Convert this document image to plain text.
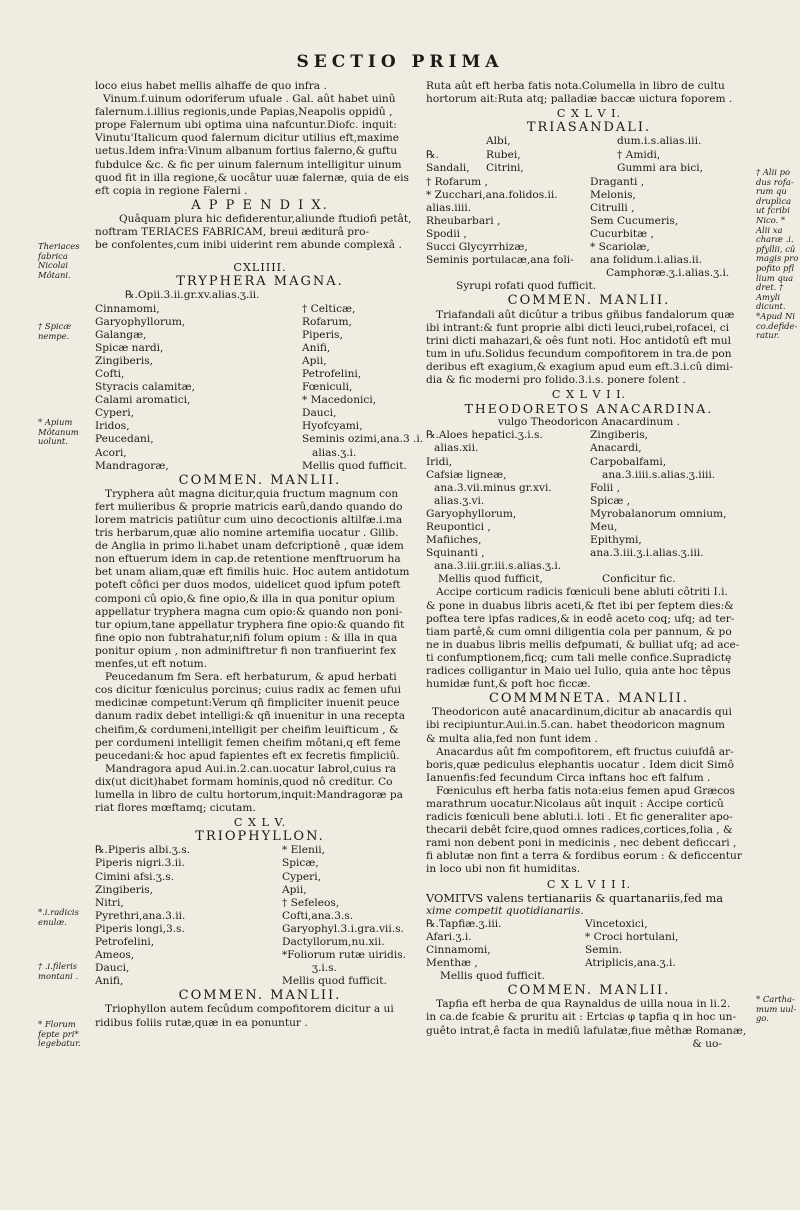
SECTIO PRIMA
loco eius habet mellis alhaffe de quo infra .
Vinum.f.uinum odoriferum ufuale . Gal. aût habet uinû
falernum.i.illius regionis,unde Papias,Neapolis oppidû ,
prope Falernum ubi optima uina nafcuntur.Diofc. inquit:
Vinutu'Italicum quod falernum dicitur utilius eft,maxime
uetus.Idem infra:Vinum albanum fortius falerno,& guftu
fubdulce &c. & fic per uinum falernum intelligitur uinum
quod fit in illa regione,& uocâtur uuæ falernæ, quia de eis
eft copia in regione Falerni .
A P P E N D I X.
Quâquam plura hic defiderentur,aliunde ftudiofi petât,
noftram TERIACES FABRICAM, breui æditurâ pro-
be confolentes,cum inibi uiderint rem abunde complexâ .
CXLIIII.
TRYPHERA MAGNA.
℞.Opii.3.ii.gr.xv.alias.ʒ.ii.
Cinnamomi,	† Celticæ,
Garyophyllorum,	Rofarum,
Galangæ,	Piperis,
Spicæ nardi,	Anifi,
Zingiberis,	Apii,
Cofti,	Petrofelini,
Styracis calamitæ,	Fœniculi,
Calami aromatici,	* Macedonici,
Cyperi,	Dauci,
Iridos,	Hyofcyami,
Peucedani,	Seminis ozimi,ana.3 .i.
Acori,	alias.ʒ.i.
Mandragoræ,	Mellis quod fufficit.
COMMEN. MANLII.
Tryphera aût magna dicitur,quia fructum magnum con
fert mulieribus & proprie matricis earû,dando quando do
lorem matricis patiûtur cum uino decoctionis altilfæ.i.ma
tris herbarum,quæ alio nomine artemifia uocatur . Gilib.
de Anglia in primo li.habet unam defcriptionê , quæ idem
non eftuerum idem in cap.de retentione menftruorum ha
bet unam aliam,quæ eft fimilis huic. Hoc autem antidotum
poteft côfici per duos modos, uidelicet quod ipfum poteft
componi cû opio,& fine opio,& illa in qua ponitur opium
appellatur tryphera magna cum opio:& quando non poni-
tur opium,tane appellatur tryphera fine opio:& quando fit
fine opio non fubtrahatur,nifi folum opium : & illa in qua
ponitur opium , non adminiftretur fi non tranfiuerint fex
menfes,ut eft notum.
Peucedanum fm Sera. eft herbaturum, & apud herbati
cos dicitur fœniculus porcinus; cuius radix ac femen ufui
medicinæ competunt:Verum qñ fimpliciter inuenit peuce
danum radix debet intelligi:& qñ inuenitur in una recepta
cheifim,& cordumeni,intelligit per cheifim leuifticum , &
per cordumeni intelligit femen cheifim môtani,q eft feme
peucedani:& hoc apud fapientes eft ex fecretis fimpliciû.
Mandragora apud Aui.in.2.can.uocatur Iabrol,cuius ra
dix(ut dicit)habet formam hominis,quod nô creditur. Co
lumella in libro de cultu hortorum,inquit:Mandragoræ pa
riat flores mœftamq; cicutam.
C X L V.
TRIOPHYLLON.
℞.Piperis albi.ʒ.s.	* Elenii,
Piperis nigri.3.ii.	Spicæ,
Cimini afsi.ʒ.s.	Cyperi,
Zingiberis,	Apii,
Nitri,	† Sefeleos,
Pyrethri,ana.3.ii.	Cofti,ana.3.s.
Piperis longi,3.s.	Garyophyl.3.i.gra.vii.s.
Petrofelini,	Dactyllorum,nu.xii.
Ameos,	*Foliorum rutæ uiridis.
Dauci,	ʒ.i.s.
Anifi,	Mellis quod fufficit.
COMMEN. MANLII.
Triophyllon autem fecûdum compofitorem dicitur a ui
ridibus foliis rutæ,quæ in ea ponuntur .
Ruta aût eft herba fatis nota.Columella in libro de cultu
hortorum ait:Ruta atq; palladiæ baccæ uictura foporem .
C X L V I.
TRIASANDALI.
℞. Sandali,
Albi,	dum.i.s.alias.iii.
Rubei,	† Amidi,
Citrini,	Gummi ara bici,
† Rofarum ,	Draganti ,
* Zucchari,ana.folidos.ii.	Melonis,
alias.iiii.	Citrulli ,
Rheubarbari ,	Sem Cucumeris,
Spodii ,	Cucurbitæ ,
Succi Glycyrrhizæ,	* Scariolæ,
Seminis portulacæ,ana foli-	ana folidum.i.alias.ii.
Camphoræ.ʒ.i.alias.ʒ.i.
Syrupi rofati quod fufficit.
COMMEN. MANLII.
Triafandali aût dicûtur a tribus gñibus fandalorum quæ
ibi intrant:& funt proprie albi dicti leuci,rubei,rofacei, ci
trini dicti mahazari,& oês funt noti. Hoc antidotû eft mul
tum in ufu.Solidus fecundum compofitorem in tra.de pon
deribus eft exagium,& exagium apud eum eft.3.i.cû dimi-
dia & fic moderni pro folido.3.i.s. ponere folent .
C X L V I I.
THEODORETOS ANACARDINA.
vulgo Theodoricon Anacardinum .
℞.Aloes hepatici.ʒ.i.s.	Zingiberis,
alias.xii.	Anacardi,
Iridi,	Carpobalfami,
Cafsiæ ligneæ,	ana.3.iiii.s.alias.ʒ.iiii.
ana.3.vii.minus gr.xvi.	Folii ,
alias.ʒ.vi.	Spicæ ,
Garyophyllorum,	Myrobalanorum omnium,
Reupontici ,	Meu,
Mafiiches,	Epithymi,
Squinanti ,	ana.3.iii.ʒ.i.alias.ʒ.iii.
ana.3.iii.gr.iii.s.alias.ʒ.i.
Mellis quod fufficit,	Conficitur fic.
Accipe corticum radicis fœniculi bene abluti côtriti I.i.
& pone in duabus libris aceti,& ftet ibi per feptem dies:&
poftea tere ipfas radices,& in eodê aceto coq; ufq; ad ter-
tiam partê,& cum omni diligentia cola per pannum, & po
ne in duabus libris mellis defpumati, & bulliat ufq; ad ace-
ti confumptionem,ficq; cum tali melle confice.Supradictę
radices colligantur in Maio uel Iulio, quia ante hoc têpus
humidæ funt,& poft hoc ficcæ.
COMMMNETA. MANLII.
Theodoricon autê anacardinum,dicitur ab anacardis qui
ibi recipiuntur.Aui.in.5.can. habet theodoricon magnum
& multa alia,fed non funt idem .
Anacardus aût fm compofitorem, eft fructus cuiufdâ ar-
boris,quæ pediculus elephantis uocatur . Idem dicit Simô
Ianuenfis:fed fecundum Circa inftans hoc eft falfum .
Fœniculus eft herba fatis nota:eius femen apud Græcos
marathrum uocatur.Nicolaus aût inquit : Accipe corticû
radicis fœniculi bene abluti.i. loti . Et fic generaliter apo-
thecarii debêt fcire,quod omnes radices,cortices,folia , &
rami non debent poni in medicinis , nec debent deficcari ,
fi ablutæ non fint a terra & fordibus eorum : & deficcentur
in loco ubi non fit humiditas.
C X L V I I I.
VOMITVS valens tertianariis & quartanariis,fed ma
xime competit quotidianariis.
℞.Tapfiæ.ʒ.iii.	Vincetoxici,
Afari.ʒ.i.	* Croci hortulani,
Cinnamomi,	Semin.
Menthæ ,	Atriplicis,ana.ʒ.i.
Mellis quod fufficit.
COMMEN. MANLII.
Tapfia eft herba de qua Raynaldus de uilla noua in li.2.
in ca.de fcabie & pruritu ait : Ertcias φ tapfia q in hoc un-
guêto intrat,ê facta in mediû lafulatæ,fiue mêthæ Romanæ,
& uo-
Theriaces fabrica Nicolai Môtani.
† Spicæ nempe.
* Apium Môtanum uolunt.
*.i.radicis enulæ.
† .i.fileris montani .
* Florum fepte pri* legebatur.
† Alii po dus rofa- rum qu druplica ut fcribi Nico. * Alii xa charæ .i. pfyllii, cû magis pro pofito pfl lium qua dret. † Amyli dicunt. *Apud Ni co.defide- ratur.
* Cartha- mum uul- go.
